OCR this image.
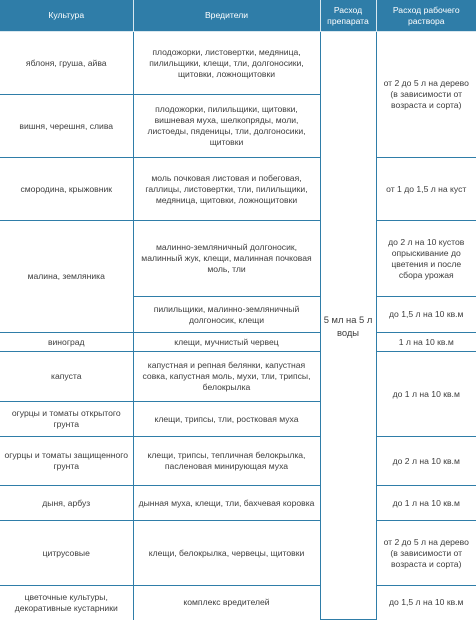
Культура	Вредители	Расход препарата	Расход рабочего раствора
яблоня, груша, айва	плодожорки, листовертки, медяница, пилильщики, клещи, тли, долгоносики, щитовки, ложнощитовки	5 мл на 5 л воды	от 2 до 5 л на дерево (в зависимости от возраста и сорта)
вишня, черешня, слива	плодожорки, пилильщики, щитовки, вишневая муха, шелкопряды, моли, листоеды, пяденицы, тли, долгоносики, щитовки		
смородина, крыжовник	моль почковая листовая и побеговая, галлицы, листовертки, тли, пилильщики, медяница, щитовки, ложнощитовки		от 1 до 1,5 л на куст
малина, земляника	малинно-земляничный долгоносик, малинный жук, клещи, малинная почковая моль, тли		до 2 л на 10 кустов опрыскивание до цветения и после сбора урожая
	пилильщики, малинно-земляничный долгоносик, клещи		до 1,5 л на 10 кв.м
виноград	клещи, мучнистый червец		1 л на 10 кв.м
капуста	капустная и репная белянки, капустная совка, капустная моль, мухи, тли, трипсы, белокрылка		до 1 л на 10 кв.м
огурцы и томаты открытого грунта	клещи, трипсы, тли, ростковая муха		
огурцы и томаты защищенного грунта	клещи, трипсы, тепличная белокрылка, пасленовая минирующая муха		до 2 л на 10 кв.м
дыня, арбуз	дынная муха, клещи, тли, бахчевая коровка		до 1 л на 10 кв.м
цитрусовые	клещи, белокрылка, червецы, щитовки		от 2 до 5 л на дерево (в зависимости от возраста и сорта)
цветочные культуры, декоративные кустарники	комплекс вредителей		до 1,5 л на 10 кв.м
